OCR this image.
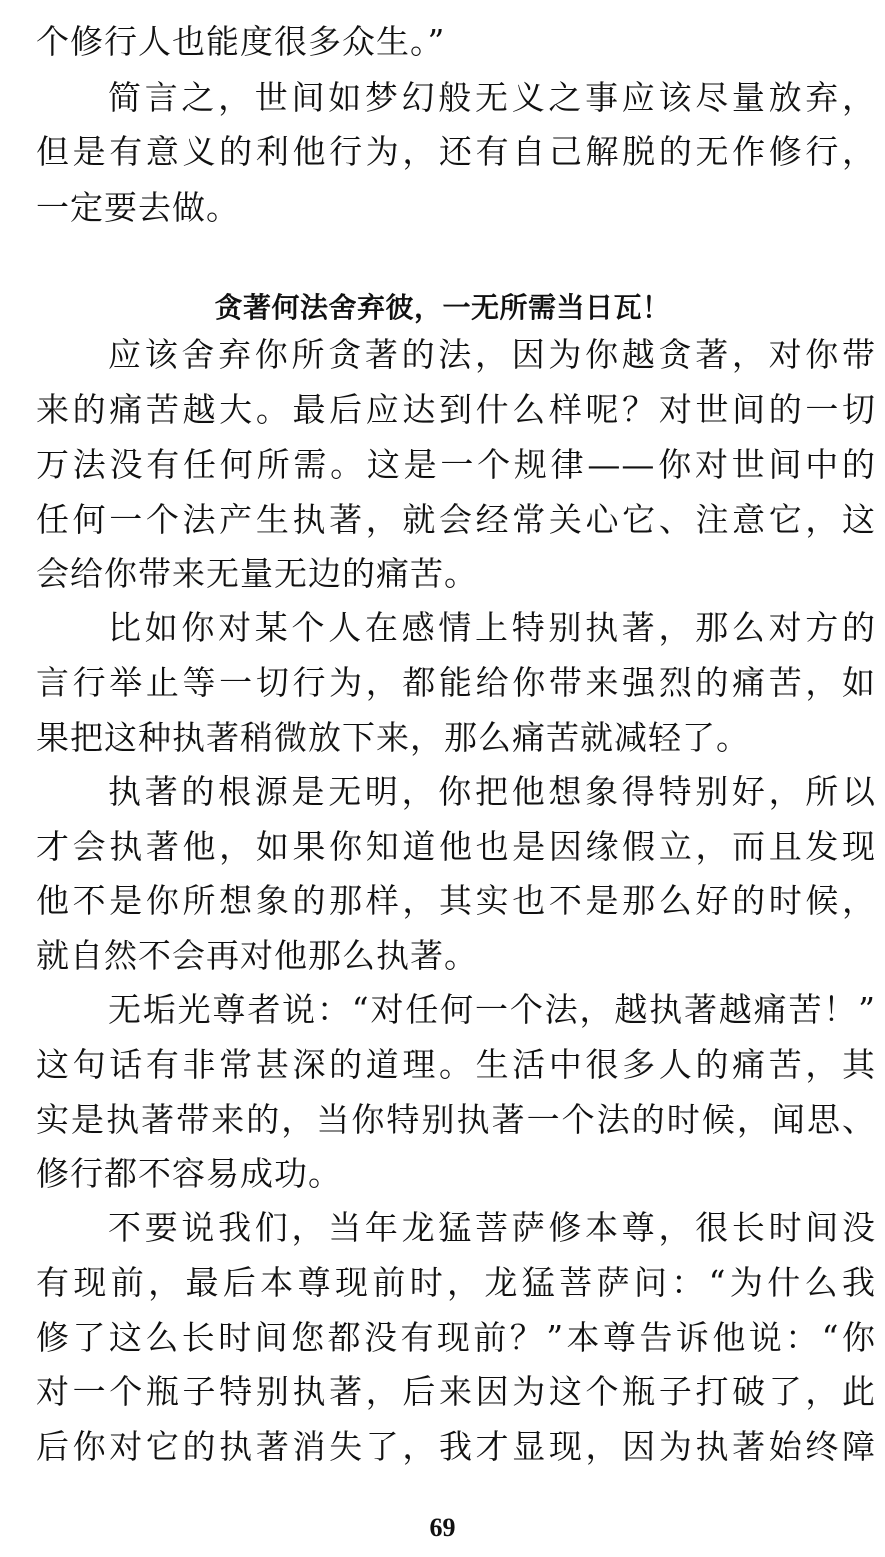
个修行人也能度很多众生。”
简言之，世间如梦幻般无义之事应该尽量放弃，
但是有意义的利他行为，还有自己解脱的无作修行，
一定要去做。
贪著何法舍弃彼，一无所需当日瓦！
应该舍弃你所贪著的法，因为你越贪著，对你带
来的痛苦越大。最后应达到什么样呢？对世间的一切
万法没有任何所需。这是一个规律——你对世间中的
任何一个法产生执著，就会经常关心它、注意它，这
会给你带来无量无边的痛苦。
比如你对某个人在感情上特别执著，那么对方的
言行举止等一切行为，都能给你带来强烈的痛苦，如
果把这种执著稍微放下来，那么痛苦就减轻了。
执著的根源是无明，你把他想象得特别好，所以
才会执著他，如果你知道他也是因缘假立，而且发现
他不是你所想象的那样，其实也不是那么好的时候，
就自然不会再对他那么执著。
无垢光尊者说：“对任何一个法，越执著越痛苦！”
这句话有非常甚深的道理。生活中很多人的痛苦，其
实是执著带来的，当你特别执著一个法的时候，闻思、
修行都不容易成功。
不要说我们，当年龙猛菩萨修本尊，很长时间没
有现前，最后本尊现前时，龙猛菩萨问：“为什么我
修了这么长时间您都没有现前？”本尊告诉他说：“你
对一个瓶子特别执著，后来因为这个瓶子打破了，此
后你对它的执著消失了，我才显现，因为执著始终障
69
